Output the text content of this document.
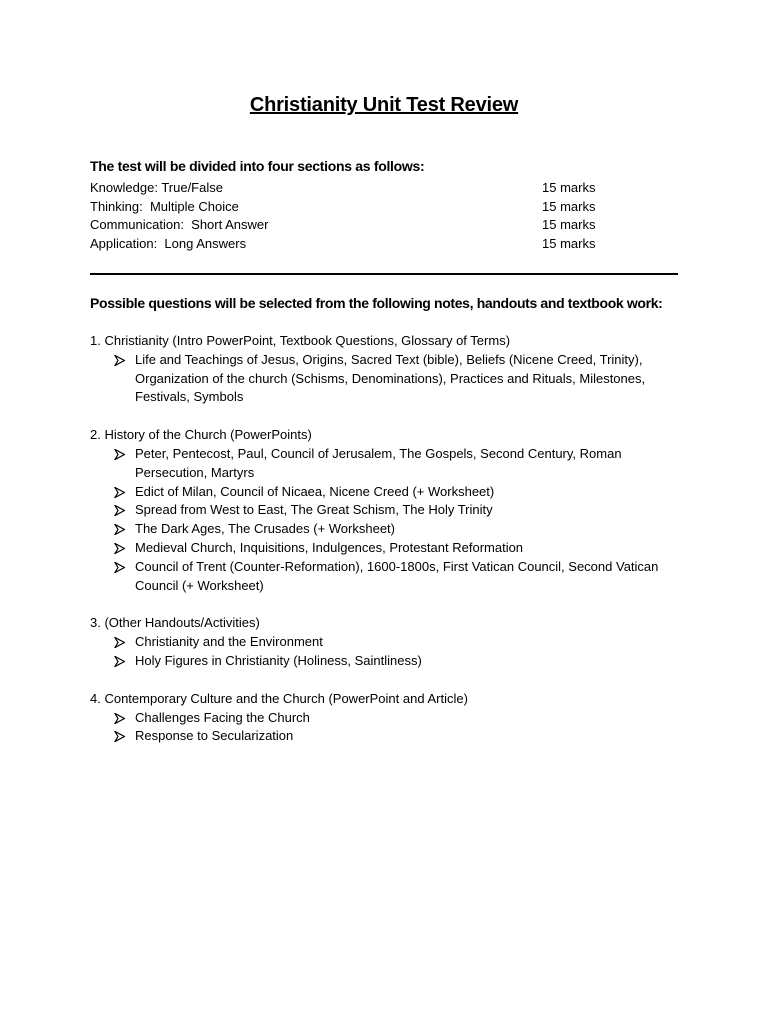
Christianity Unit Test Review
The test will be divided into four sections as follows:
Knowledge: True/False	15 marks
Thinking:  Multiple Choice	15 marks
Communication:  Short Answer	15 marks
Application:  Long Answers	15 marks
Possible questions will be selected from the following notes, handouts and textbook work:
1. Christianity (Intro PowerPoint, Textbook Questions, Glossary of Terms)
Life and Teachings of Jesus, Origins, Sacred Text (bible), Beliefs (Nicene Creed, Trinity), Organization of the church (Schisms, Denominations), Practices and Rituals, Milestones, Festivals, Symbols
2. History of the Church (PowerPoints)
Peter, Pentecost, Paul, Council of Jerusalem, The Gospels, Second Century, Roman Persecution, Martyrs
Edict of Milan, Council of Nicaea, Nicene Creed (+ Worksheet)
Spread from West to East, The Great Schism, The Holy Trinity
The Dark Ages, The Crusades (+ Worksheet)
Medieval Church, Inquisitions, Indulgences, Protestant Reformation
Council of Trent (Counter-Reformation), 1600-1800s, First Vatican Council, Second Vatican Council (+ Worksheet)
3. (Other Handouts/Activities)
Christianity and the Environment
Holy Figures in Christianity (Holiness, Saintliness)
4. Contemporary Culture and the Church (PowerPoint and Article)
Challenges Facing the Church
Response to Secularization
